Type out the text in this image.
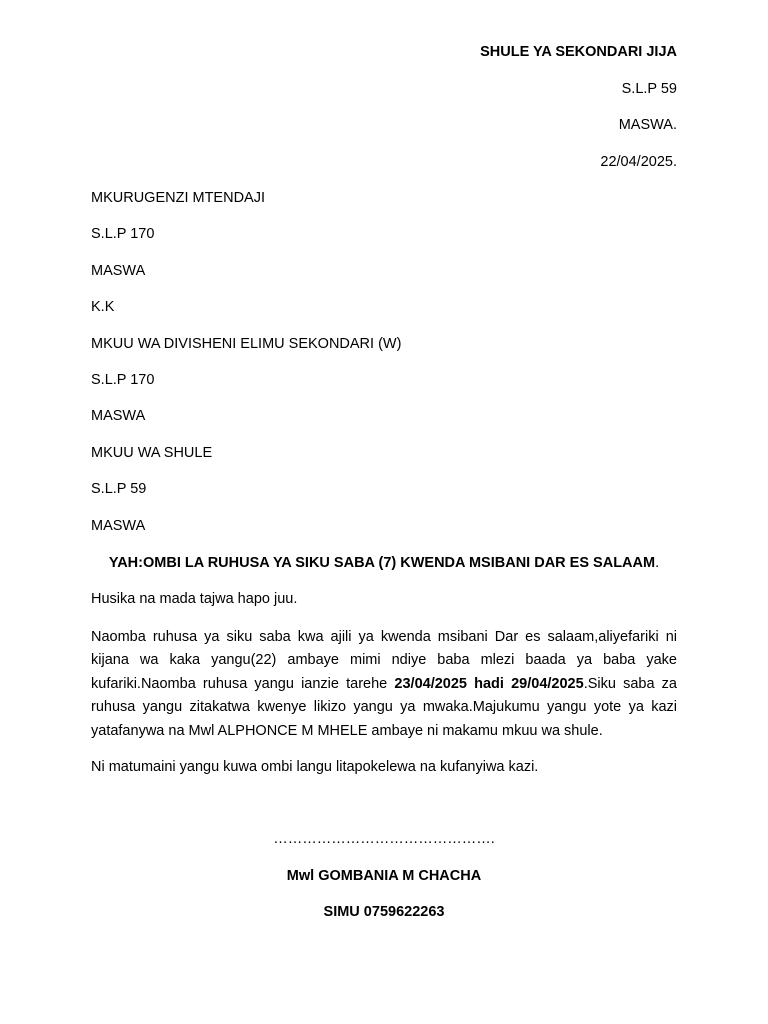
SHULE YA SEKONDARI JIJA
S.L.P 59
MASWA.
22/04/2025.
MKURUGENZI MTENDAJI
S.L.P 170
MASWA
K.K
MKUU WA DIVISHENI ELIMU SEKONDARI (W)
S.L.P 170
MASWA
MKUU WA SHULE
S.L.P 59
MASWA
YAH:OMBI LA RUHUSA YA SIKU SABA (7) KWENDA MSIBANI DAR ES SALAAM.
Husika na mada tajwa hapo juu.
Naomba ruhusa ya siku saba kwa ajili ya kwenda msibani Dar es salaam,aliyefariki ni kijana wa kaka yangu(22) ambaye mimi ndiye baba mlezi baada ya baba yake kufariki.Naomba ruhusa yangu ianzie tarehe 23/04/2025 hadi 29/04/2025.Siku saba za ruhusa yangu zitakatwa kwenye likizo yangu ya mwaka.Majukumu yangu yote ya kazi yatafanywa na Mwl ALPHONCE M MHELE ambaye ni makamu mkuu wa shule.
Ni matumaini yangu kuwa ombi langu litapokelewa na kufanyiwa kazi.
……………………………………….
Mwl GOMBANIA M CHACHA
SIMU 0759622263
